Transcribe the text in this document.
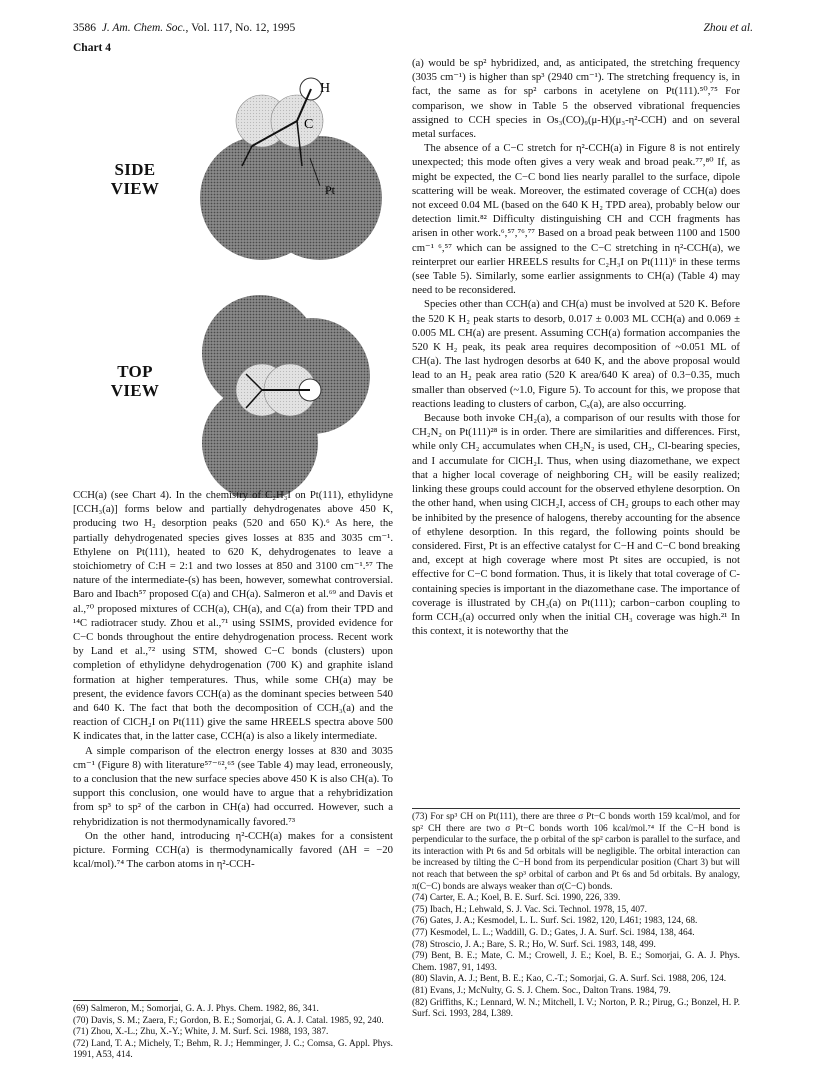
3586 J. Am. Chem. Soc., Vol. 117, No. 12, 1995	Zhou et al.
Chart 4
SIDE
VIEW
TOP
VIEW
H
C
Pt

CCH(a) (see Chart 4). In the chemistry of C₂H₃I on Pt(111), ethylidyne [CCH₃(a)] forms below and partially dehydrogenates above 450 K, producing two H₂ desorption peaks (520 and 650 K).⁶ As here, the partially dehydrogenated species gives losses at 835 and 3035 cm⁻¹. Ethylene on Pt(111), heated to 620 K, dehydrogenates to leave a stoichiometry of C:H = 2:1 and two losses at 850 and 3100 cm⁻¹.⁵⁷ The nature of the intermediate-(s) has been, however, somewhat controversial. Baro and Ibach⁵⁷ proposed C(a) and CH(a). Salmeron et al.⁶⁹ and Davis et al.,⁷⁰ proposed mixtures of CCH(a), CH(a), and C(a) from their TPD and ¹⁴C radiotracer study. Zhou et al.,⁷¹ using SSIMS, provided evidence for C−C bonds throughout the entire dehydrogenation process. Recent work by Land et al.,⁷² using STM, showed C−C bonds (clusters) upon completion of ethylidyne dehydrogenation (700 K) and graphite island formation at higher temperatures. Thus, while some CH(a) may be present, the evidence favors CCH(a) as the dominant species between 540 and 640 K. The fact that both the decomposition of CCH₃(a) and the reaction of ClCH₂I on Pt(111) give the same HREELS spectra above 500 K indicates that, in the latter case, CCH(a) is also a likely intermediate.

A simple comparison of the electron energy losses at 830 and 3035 cm⁻¹ (Figure 8) with literature⁵⁷⁻⁶²,⁶⁵ (see Table 4) may lead, erroneously, to a conclusion that the new surface species above 450 K is also CH(a). To support this conclusion, one would have to argue that a rehybridization from sp³ to sp² of the carbon in CH(a) had occurred. However, such a rehybridization is not thermodynamically favored.⁷³

On the other hand, introducing η²-CCH(a) makes for a consistent picture. Forming CCH(a) is thermodynamically favored (ΔH = −20 kcal/mol).⁷⁴ The carbon atoms in η²-CCH-

(69) Salmeron, M.; Somorjai, G. A. J. Phys. Chem. 1982, 86, 341.

(70) Davis, S. M.; Zaera, F.; Gordon, B. E.; Somorjai, G. A. J. Catal. 1985, 92, 240.

(71) Zhou, X.-L.; Zhu, X.-Y.; White, J. M. Surf. Sci. 1988, 193, 387.

(72) Land, T. A.; Michely, T.; Behm, R. J.; Hemminger, J. C.; Comsa, G. Appl. Phys. 1991, A53, 414.

(a) would be sp² hybridized, and, as anticipated, the stretching frequency (3035 cm⁻¹) is higher than sp³ (2940 cm⁻¹). The stretching frequency is, in fact, the same as for sp² carbons in acetylene on Pt(111).⁵⁰,⁷⁵ For comparison, we show in Table 5 the observed vibrational frequencies assigned to CCH species in Os₃(CO)₉(μ-H)(μ₃-η²-CCH) and on several metal surfaces.

The absence of a C−C stretch for η²-CCH(a) in Figure 8 is not entirely unexpected; this mode often gives a very weak and broad peak.⁷⁷,⁸⁰ If, as might be expected, the C−C bond lies nearly parallel to the surface, dipole scattering will be weak. Moreover, the estimated coverage of CCH(a) does not exceed 0.04 ML (based on the 640 K H₂ TPD area), probably below our detection limit.⁸² Difficulty distinguishing CH and CCH fragments has arisen in other work.⁶,⁵⁷,⁷⁶,⁷⁷ Based on a broad peak between 1100 and 1500 cm⁻¹ ⁶,⁵⁷ which can be assigned to the C−C stretching in η²-CCH(a), we reinterpret our earlier HREELS results for C₂H₃I on Pt(111)⁶ in these terms (see Table 5). Similarly, some earlier assignments to CH(a) (Table 4) may need to be reconsidered.

Species other than CCH(a) and CH(a) must be involved at 520 K. Before the 520 K H₂ peak starts to desorb, 0.017 ± 0.003 ML CCH(a) and 0.069 ± 0.005 ML CH(a) are present. Assuming CCH(a) formation accompanies the 520 K H₂ peak, its peak area requires decomposition of ~0.051 ML of CH(a). The last hydrogen desorbs at 640 K, and the above proposal would lead to an H₂ peak area ratio (520 K area/640 K area) of 0.3−0.35, much smaller than observed (~1.0, Figure 5). To account for this, we propose that reactions leading to clusters of carbon, Cₓ(a), are also occurring.

Because both invoke CH₂(a), a comparison of our results with those for CH₂N₂ on Pt(111)²⁸ is in order. There are similarities and differences. First, while only CH₂ accumulates when CH₂N₂ is used, CH₂, Cl-bearing species, and I accumulate for ClCH₂I. Thus, when using diazomethane, we expect that a higher local coverage of neighboring CH₂ will be easily realized; linking these groups could account for the observed ethylene desorption. On the other hand, when using ClCH₂I, access of CH₂ groups to each other may be inhibited by the presence of halogens, thereby accounting for the absence of ethylene desorption. In this regard, the following points should be considered. First, Pt is an effective catalyst for C−H and C−C bond breaking and, except at high coverage where most Pt sites are occupied, is not effective for C−C bond formation. Thus, it is likely that total coverage of C-containing species is important in the diazomethane case. The importance of coverage is illustrated by CH₃(a) on Pt(111); carbon−carbon coupling to form CCH₃(a) occurred only when the initial CH₃ coverage was high.²¹ In this context, it is noteworthy that the

(73) For sp³ CH on Pt(111), there are three σ Pt−C bonds worth 159 kcal/mol, and for sp² CH there are two σ Pt−C bonds worth 106 kcal/mol.⁷⁴ If the C−H bond is perpendicular to the surface, the p orbital of the sp² carbon is parallel to the surface, and its interaction with Pt 6s and 5d orbitals will be negligible. The orbital interaction can be increased by tilting the C−H bond from its perpendicular position (Chart 3) but will not reach that between the sp³ orbital of carbon and Pt 6s and 5d orbitals. By analogy, π(C−C) bonds are always weaker than σ(C−C) bonds.

(74) Carter, E. A.; Koel, B. E. Surf. Sci. 1990, 226, 339.

(75) Ibach, H.; Lehwald, S. J. Vac. Sci. Technol. 1978, 15, 407.

(76) Gates, J. A.; Kesmodel, L. L. Surf. Sci. 1982, 120, L461; 1983, 124, 68.

(77) Kesmodel, L. L.; Waddill, G. D.; Gates, J. A. Surf. Sci. 1984, 138, 464.

(78) Stroscio, J. A.; Bare, S. R.; Ho, W. Surf. Sci. 1983, 148, 499.

(79) Bent, B. E.; Mate, C. M.; Crowell, J. E.; Koel, B. E.; Somorjai, G. A. J. Phys. Chem. 1987, 91, 1493.

(80) Slavin, A. J.; Bent, B. E.; Kao, C.-T.; Somorjai, G. A. Surf. Sci. 1988, 206, 124.

(81) Evans, J.; McNulty, G. S. J. Chem. Soc., Dalton Trans. 1984, 79.

(82) Griffiths, K.; Lennard, W. N.; Mitchell, I. V.; Norton, P. R.; Pirug, G.; Bonzel, H. P. Surf. Sci. 1993, 284, L389.
